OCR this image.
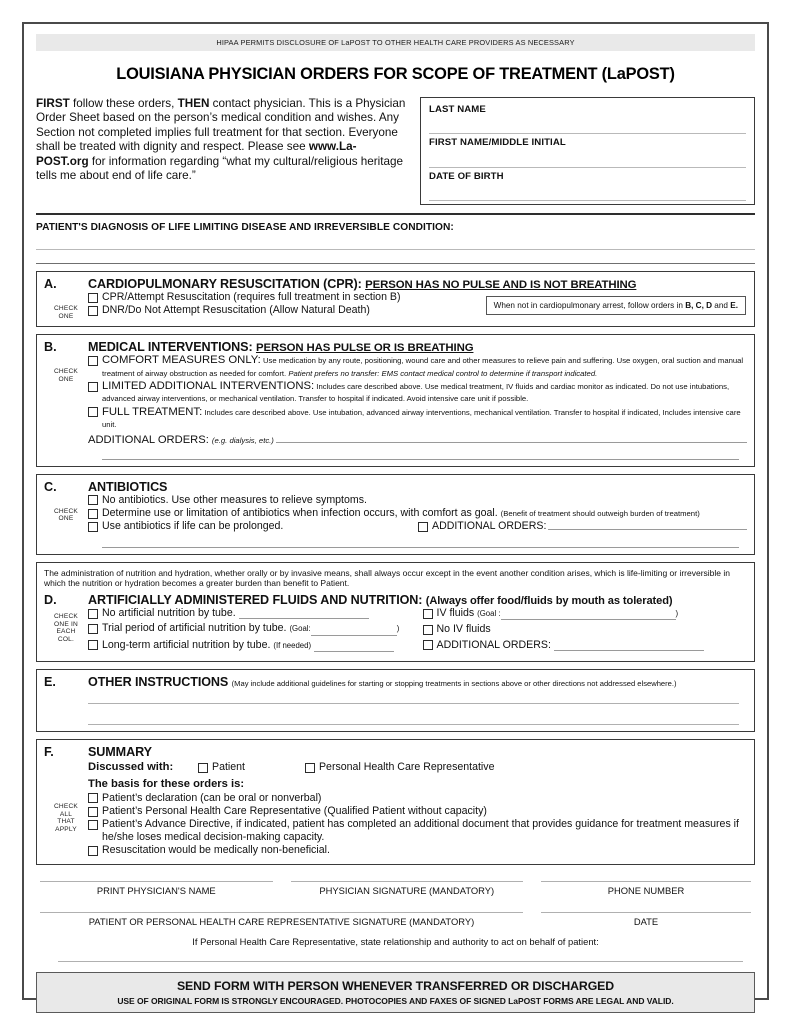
HIPAA PERMITS DISCLOSURE OF LaPOST TO OTHER HEALTH CARE PROVIDERS AS NECESSARY
LOUISIANA PHYSICIAN ORDERS FOR SCOPE OF TREATMENT (LaPOST)
FIRST follow these orders, THEN contact physician. This is a Physician Order Sheet based on the person’s medical condition and wishes. Any Section not completed implies full treatment for that section. Everyone shall be treated with dignity and respect. Please see www.La-POST.org for information regarding “what my cultural/religious heritage tells me about end of life care.”
LAST NAME
FIRST NAME/MIDDLE INITIAL
DATE OF BIRTH
PATIENT'S DIAGNOSIS OF LIFE LIMITING DISEASE AND IRREVERSIBLE CONDITION:
A.	CARDIOPULMONARY RESUSCITATION (CPR): PERSON HAS NO PULSE AND IS NOT BREATHING
CHECK
ONE
CPR/Attempt Resuscitation (requires full treatment in section B)
DNR/Do Not Attempt Resuscitation (Allow Natural Death)	When not in cardiopulmonary arrest, follow orders in B, C, D and E.
B.	MEDICAL INTERVENTIONS: PERSON HAS PULSE OR IS BREATHING
CHECK
ONE
COMFORT MEASURES ONLY: Use medication by any route, positioning, wound care and other measures to relieve pain and suffering. Use oxygen, oral suction and manual treatment of airway obstruction as needed for comfort. Patient prefers no transfer: EMS contact medical control to determine if transport indicated.
LIMITED ADDITIONAL INTERVENTIONS: Includes care described above. Use medical treatment, IV fluids and cardiac monitor as indicated. Do not use intubations, advanced airway interventions, or mechanical ventilation. Transfer to hospital if indicated. Avoid intensive care unit if possible.
FULL TREATMENT: Includes care described above. Use intubation, advanced airway interventions, mechanical ventilation. Transfer to hospital if indicated, Includes intensive care unit.
ADDITIONAL ORDERS: (e.g. dialysis, etc.)
C.	ANTIBIOTICS
CHECK
ONE
No antibiotics. Use other measures to relieve symptoms.
Determine use or limitation of antibiotics when infection occurs, with comfort as goal. (Benefit of treatment should outweigh burden of treatment)
Use antibiotics if life can be prolonged.	ADDITIONAL ORDERS:
The administration of nutrition and hydration, whether orally or by invasive means, shall always occur except in the event another condition arises, which is life-limiting or irreversible in which the nutrition or hydration becomes a greater burden than benefit to Patient.
D.	ARTIFICIALLY ADMINISTERED FLUIDS AND NUTRITION: (Always offer food/fluids by mouth as tolerated)
CHECK
ONE IN
EACH
COL.
No artificial nutrition by tube.
Trial period of artificial nutrition by tube. (Goal:	)
Long-term artificial nutrition by tube. (If needed)
IV fluids (Goal :	)
No IV fluids
ADDITIONAL ORDERS:
E.	OTHER INSTRUCTIONS (May include additional guidelines for starting or stopping treatments in sections above or other directions not addressed elsewhere.)
F.	SUMMARY
CHECK
ALL
THAT
APPLY
Discussed with:	Patient	Personal Health Care Representative
The basis for these orders is:
Patient’s declaration (can be oral or nonverbal)
Patient’s Personal Health Care Representative (Qualified Patient without capacity)
Patient’s Advance Directive, if indicated, patient has completed an additional document that provides guidance for treatment measures if he/she loses medical decision-making capacity.
Resuscitation would be medically non-beneficial.
PRINT PHYSICIAN'S NAME	PHYSICIAN SIGNATURE (MANDATORY)	PHONE NUMBER
PATIENT OR PERSONAL HEALTH CARE REPRESENTATIVE SIGNATURE (MANDATORY)	DATE
If Personal Health Care Representative, state relationship and authority to act on behalf of patient:
SEND FORM WITH PERSON WHENEVER TRANSFERRED OR DISCHARGED
USE OF ORIGINAL FORM IS STRONGLY ENCOURAGED. PHOTOCOPIES AND FAXES OF SIGNED LaPOST FORMS ARE LEGAL AND VALID.
